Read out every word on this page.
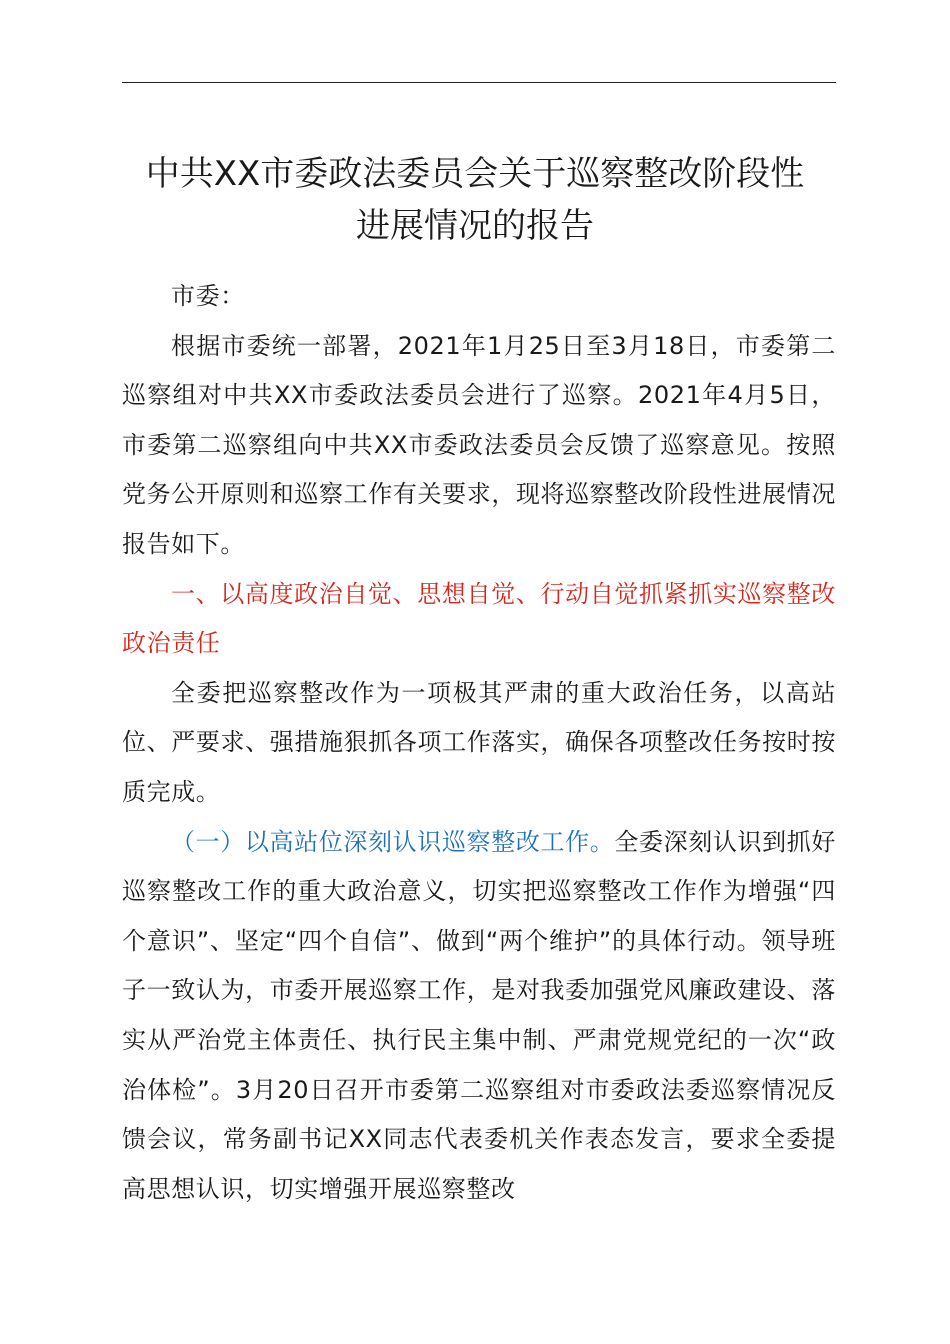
中共XX市委政法委员会关于巡察整改阶段性
进展情况的报告

市委：

根据市委统一部署，2021年1月25日至3月18日，市委第二巡察组对中共XX市委政法委员会进行了巡察。2021年4月5日，市委第二巡察组向中共XX市委政法委员会反馈了巡察意见。按照党务公开原则和巡察工作有关要求，现将巡察整改阶段性进展情况报告如下。

一、以高度政治自觉、思想自觉、行动自觉抓紧抓实巡察整改政治责任

全委把巡察整改作为一项极其严肃的重大政治任务，以高站位、严要求、强措施狠抓各项工作落实，确保各项整改任务按时按质完成。

（一）以高站位深刻认识巡察整改工作。全委深刻认识到抓好巡察整改工作的重大政治意义，切实把巡察整改工作作为增强“四个意识”、坚定“四个自信”、做到“两个维护”的具体行动。领导班子一致认为，市委开展巡察工作，是对我委加强党风廉政建设、落实从严治党主体责任、执行民主集中制、严肃党规党纪的一次“政治体检”。3月20日召开市委第二巡察组对市委政法委巡察情况反馈会议，常务副书记XX同志代表委机关作表态发言，要求全委提高思想认识，切实增强开展巡察整改
